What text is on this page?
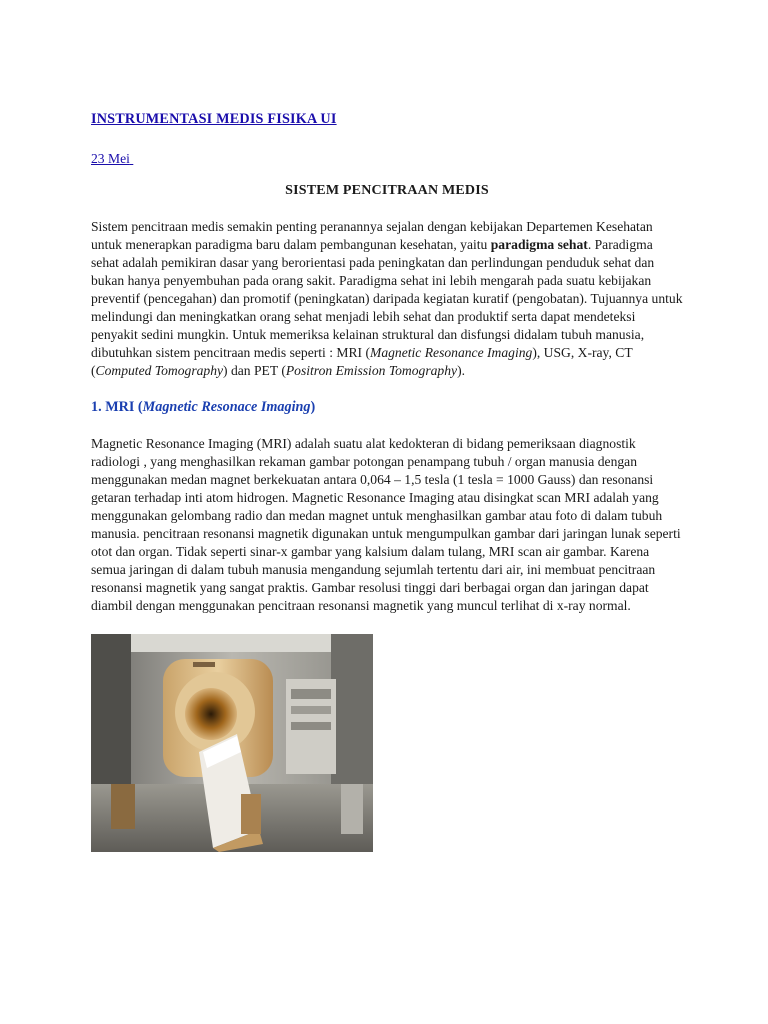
INSTRUMENTASI MEDIS FISIKA UI
23 Mei
SISTEM PENCITRAAN MEDIS

Sistem pencitraan medis semakin penting peranannya sejalan dengan kebijakan Departemen Kesehatan untuk menerapkan paradigma baru dalam pembangunan kesehatan, yaitu paradigma sehat. Paradigma sehat adalah pemikiran dasar yang berorientasi pada peningkatan dan perlindungan penduduk sehat dan bukan hanya penyembuhan pada orang sakit. Paradigma sehat ini lebih mengarah pada suatu kebijakan preventif (pencegahan) dan promotif (peningkatan) daripada kegiatan kuratif (pengobatan). Tujuannya untuk melindungi dan meningkatkan orang sehat menjadi lebih sehat dan produktif serta dapat mendeteksi penyakit sedini mungkin. Untuk memeriksa kelainan struktural dan disfungsi didalam tubuh manusia, dibutuhkan sistem pencitraan medis seperti : MRI (Magnetic Resonance Imaging), USG, X-ray, CT (Computed Tomography) dan PET (Positron Emission Tomography).

1. MRI (Magnetic Resonace Imaging)

Magnetic Resonance Imaging (MRI) adalah suatu alat kedokteran di bidang pemeriksaan diagnostik radiologi , yang menghasilkan rekaman gambar potongan penampang tubuh / organ manusia dengan menggunakan medan magnet berkekuatan antara 0,064 – 1,5 tesla (1 tesla = 1000 Gauss) dan resonansi getaran terhadap inti atom hidrogen. Magnetic Resonance Imaging atau disingkat scan MRI adalah yang menggunakan gelombang radio dan medan magnet untuk menghasilkan gambar atau foto di dalam tubuh manusia. pencitraan resonansi magnetik digunakan untuk mengumpulkan gambar dari jaringan lunak seperti otot dan organ. Tidak seperti sinar-x gambar yang kalsium dalam tulang, MRI scan air gambar. Karena semua jaringan di dalam tubuh manusia mengandung sejumlah tertentu dari air, ini membuat pencitraan resonansi magnetik yang sangat praktis. Gambar resolusi tinggi dari berbagai organ dan jaringan dapat diambil dengan menggunakan pencitraan resonansi magnetik yang muncul terlihat di x-ray normal.
